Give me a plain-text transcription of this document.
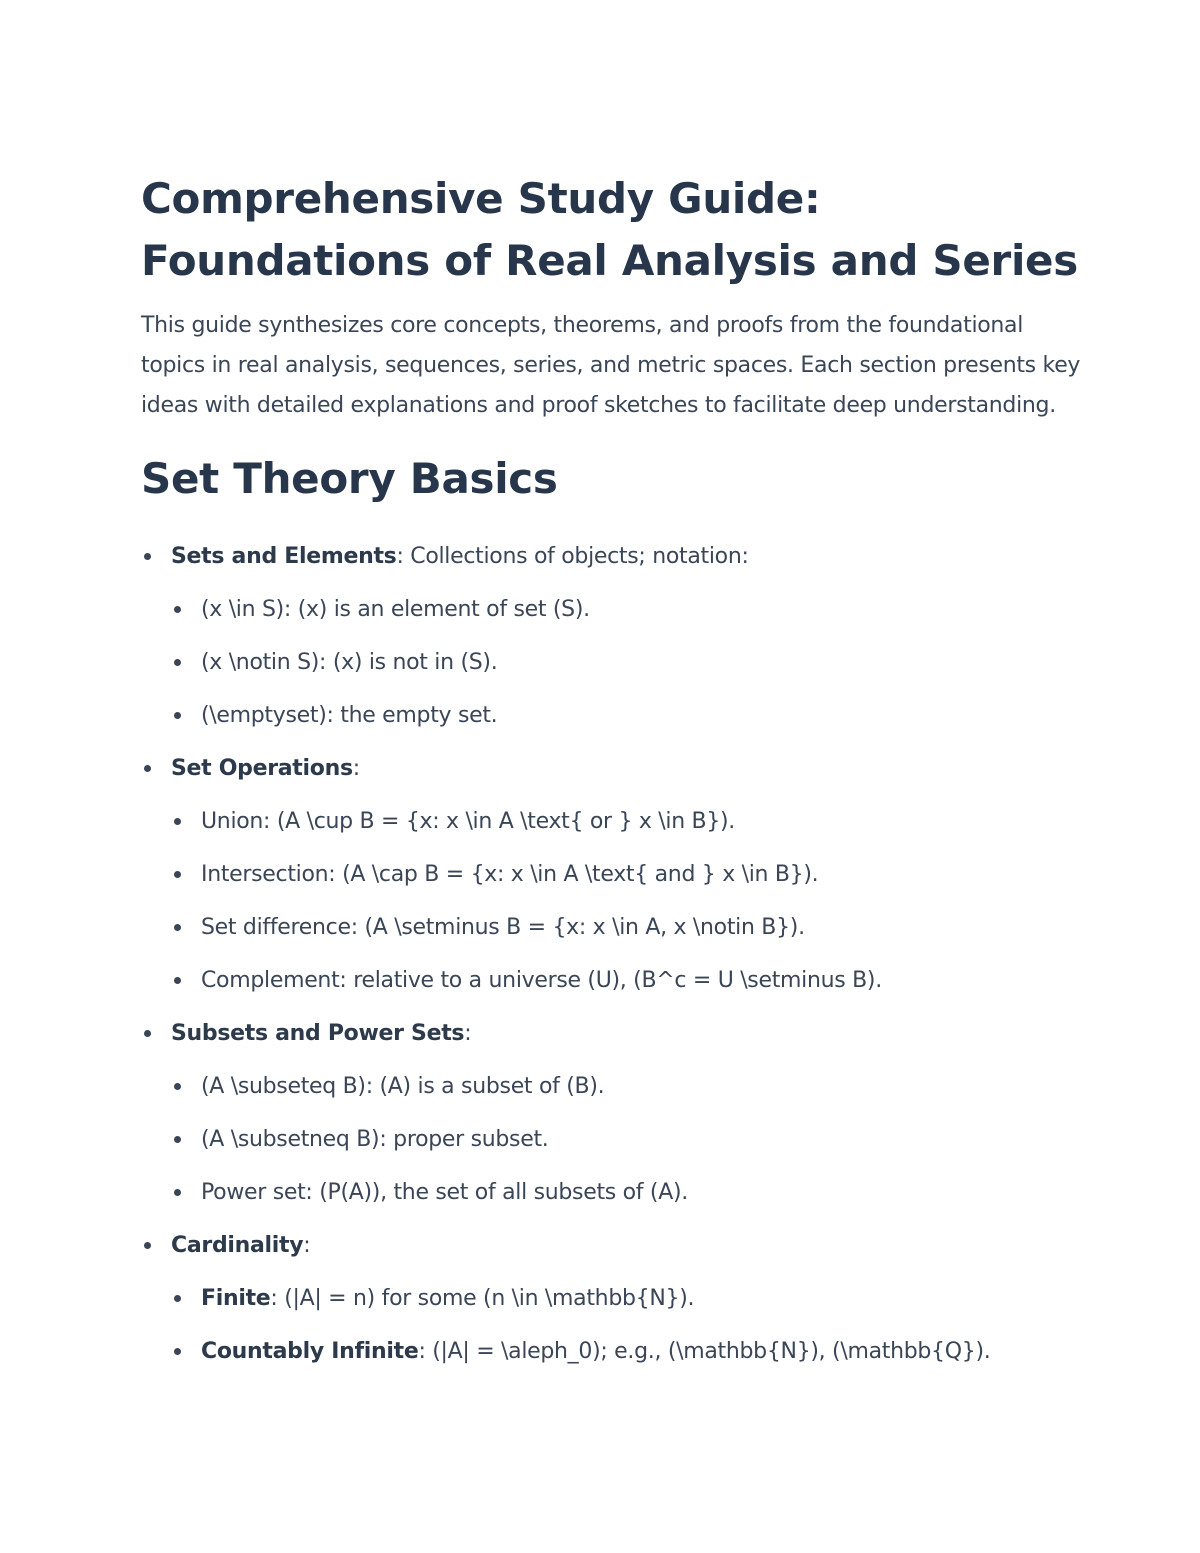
Comprehensive Study Guide:
Foundations of Real Analysis and Series

This guide synthesizes core concepts, theorems, and proofs from the foundational topics in real analysis, sequences, series, and metric spaces. Each section presents key ideas with detailed explanations and proof sketches to facilitate deep understanding.

Set Theory Basics
Sets and Elements: Collections of objects; notation:
(x \in S): (x) is an element of set (S).
(x \notin S): (x) is not in (S).
(\emptyset): the empty set.
Set Operations:
Union: (A \cup B = {x: x \in A \text{ or } x \in B}).
Intersection: (A \cap B = {x: x \in A \text{ and } x \in B}).
Set difference: (A \setminus B = {x: x \in A, x \notin B}).
Complement: relative to a universe (U), (B^c = U \setminus B).
Subsets and Power Sets:
(A \subseteq B): (A) is a subset of (B).
(A \subsetneq B): proper subset.
Power set: (P(A)), the set of all subsets of (A).
Cardinality:
Finite: (|A| = n) for some (n \in \mathbb{N}).
Countably Infinite: (|A| = \aleph_0); e.g., (\mathbb{N}), (\mathbb{Q}).
